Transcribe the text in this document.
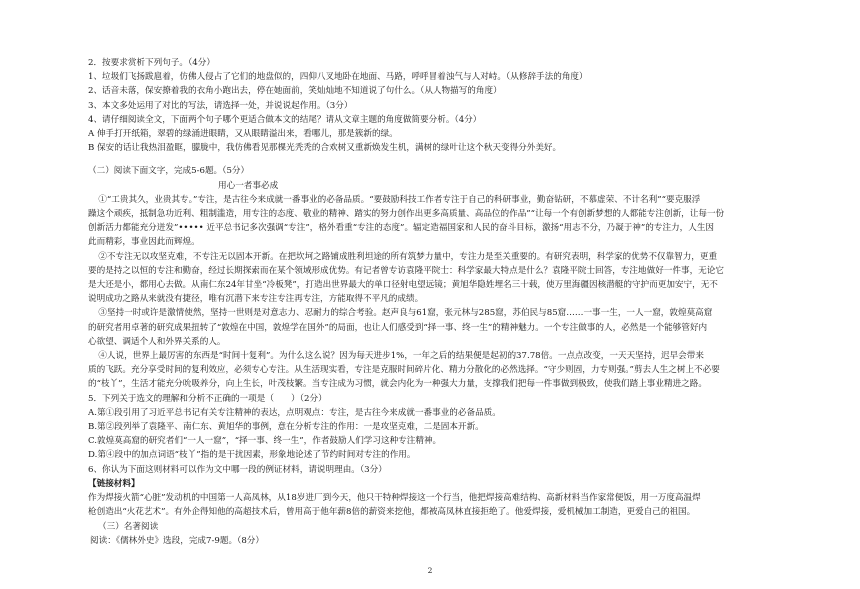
2．按要求赏析下列句子。（4分）
1、垃圾们飞扬跋扈着，仿佛人侵占了它们的地盘似的，四仰八叉地卧在地面、马路，呼呼冒着浊气与人对峙。（从修辞手法的角度）
2、话音未落，保安撩着我的衣角小跑出去，停在她面前，笑灿灿地不知道说了句什么。（从人物描写的角度）
3、本文多处运用了对比的写法，请选择一处，并说说起作用。（3分）
4、请仔细阅读全文，下面两个句子哪个更适合做本文的结尾？请从文章主题的角度做简要分析。（4分）
A 伸手打开纸箱，翠碧的绿涌进眼睛，又从眼睛溢出来，看哪儿，那是簇新的绿。
B 保安的话让我热泪盈眶，朦胧中，我仿佛看见那棵光秃秃的合欢树又重新焕发生机，满树的绿叶让这个秋天变得分外美好。
（二）阅读下面文字，完成5-6题。（5分）
用心一者事必成
①“工贵其久，业贵其专。”专注，是古往今来成就一番事业的必备品质。“要鼓励科技工作者专注于自己的科研事业，勤奋钻研，不慕虚荣、不计名利”“要克服浮
躁这个顽疾，抵制急功近利、粗制滥造，用专注的态度、敬业的精神、踏实的努力创作出更多高质量、高品位的作品”“让每一个有创新梦想的人都能专注创新，让每一份
创新活力都能充分迸发”••••• 近平总书记多次强调“专注”，格外看重“专注的态度”。辐定造福国家和人民的奋斗目标，激扬“用志不分，乃凝于神”的专注力，人生因
此而精彩，事业因此而辉煌。
②不专注无以攻坚克难，不专注无以固本开新。在把坎坷之路铺成胜利坦途的所有筑梦力量中，专注力是至关重要的。有研究表明，科学家的优势不仅靠智力，更重
要的是持之以恒的专注和勤奋，经过长期探索而在某个领域形成优势。有记者曾专访袁隆平院士：科学家最大特点是什么？袁隆平院士回答，专注地做好一件事，无论它
是大还是小，都用心去做。从南仁东24年甘坐“冷板凳”，打造出世界最大的单口径射电望远镜；黄旭华隐姓埋名三十载，使万里海疆因核潜艇的守护而更加安宁，无不
说明成功之路从来就没有捷径，唯有沉潜下来专注专注再专注，方能取得不平凡的成绩。
③坚持一时或许是激情使然，坚持一世则是对意志力、忍耐力的综合考验。赵声良与61窟，张元林与285窟，苏伯民与85窟……一事一生，一人一窟，敦煌莫高窟
的研究者用卓著的研究成果扭转了“敦煌在中国，敦煌学在国外”的局面，也让人们感受到“择一事、终一生”的精神魅力。一个专注做事的人，必然是一个能够管好内
心欲望、调适个人和外界关系的人。
④人说，世界上最厉害的东西是“时间十复利”。为什么这么说？因为每天进步1%，一年之后的结果便是起初的37.78倍。一点点改变，一天天坚持，迟早会带来
质的飞跃。充分享受时间的复利效应，必须专心专注。从生活现实看，专注是克服时间碎片化、精力分散化的必然选择。“守少则固，力专则强。”剪去人生之树上不必要
的“枝丫”，生活才能充分吮吸养分，向上生长，叶茂枝繁。当专注成为习惯，就会内化为一种强大力量，支撑我们把每一件事做到极致，使我们踏上事业精进之路。
5．下列关于选文的理解和分析不正确的一项是（　　）（2分）
A.第①段引用了习近平总书记有关专注精神的表达，点明观点：专注，是古往今来成就一番事业的必备品质。
B.第②段列举了袁隆平、南仁东、黄旭华的事例，意在分析专注的作用：一是攻坚克难，二是固本开新。
C.敦煌莫高窟的研究者们“一人一窟”，“择一事、终一生”，作者鼓励人们学习这种专注精神。
D.第④段中的加点词语“枝丫”指的是干扰因素，形象地论述了节约时间对专注的作用。
6、你认为下面这则材料可以作为文中哪一段的例证材料，请说明理由。（3分）
【链接材料】
作为焊接火箭“心脏”发动机的中国第一人高凤林，从18岁进厂到今天，他只干特种焊接这一个行当，他把焊接高难结构、高新材料当作家常便饭，用一万度高温焊
枪创造出“火花艺术”。有外企得知他的高超技术后，曾用高于他年薪8倍的薪资来挖他，都被高凤林直接拒绝了。他爱焊接，爱机械加工制造，更爱自己的祖国。
（三）名著阅读
阅读：《儒林外史》选段，完成7-9题。（8分）
2
